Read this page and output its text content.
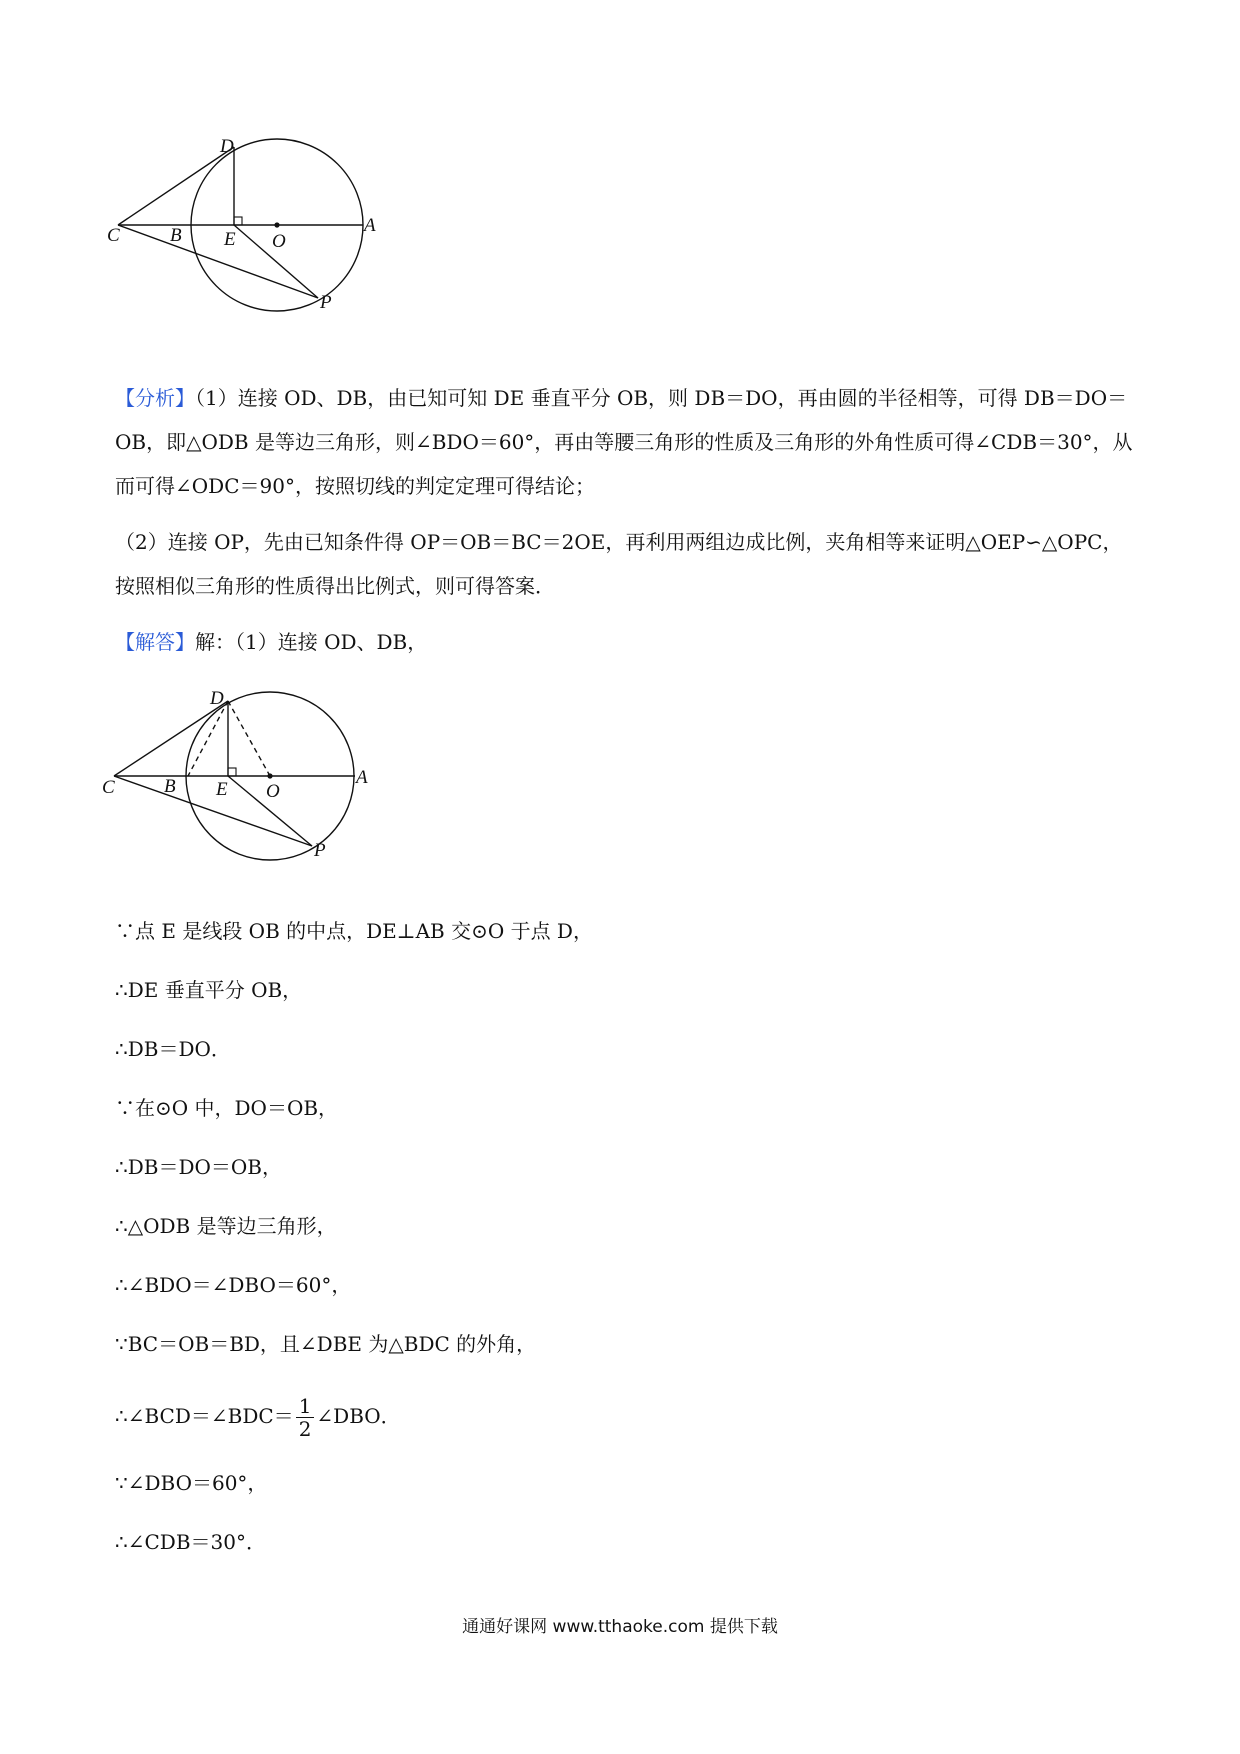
D
C	B E O
A
P

【分析】（1）连接 OD、DB，由已知可知 DE 垂直平分 OB，则 DB＝DO，再由圆的半径相等，可得 DB＝DO＝OB，即△ODB 是等边三角形，则∠BDO＝60°，再由等腰三角形的性质及三角形的外角性质可得∠CDB＝30°，从而可得∠ODC＝90°，按照切线的判定定理可得结论；

（2）连接 OP，先由已知条件得 OP＝OB＝BC＝2OE，再利用两组边成比例，夹角相等来证明△OEP∽△OPC，按照相似三角形的性质得出比例式，则可得答案．

【解答】解：（1）连接 OD、DB，

D
C	B E O
A
P

∵点 E 是线段 OB 的中点，DE⊥AB 交⊙O 于点 D，

∴DE 垂直平分 OB，

∴DB＝DO．

∵在⊙O 中，DO＝OB，

∴DB＝DO＝OB，

∴△ODB 是等边三角形，

∴∠BDO＝∠DBO＝60°，

∵BC＝OB＝BD，且∠DBE 为△BDC 的外角，

∴∠BCD＝∠BDC＝ $\frac{1}{2}$ ∠DBO．

∵∠DBO＝60°，

∴∠CDB＝30°．

通通好课网 www.tthaoke.com 提供下载
